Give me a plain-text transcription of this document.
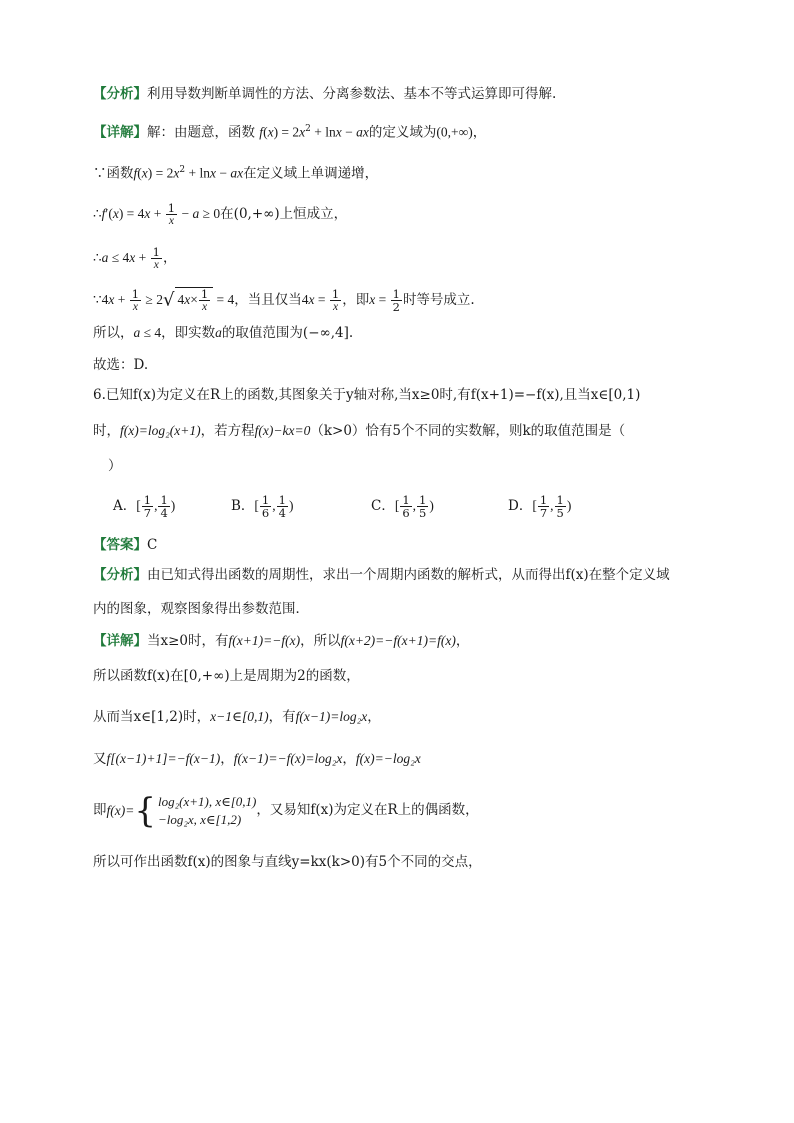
【分析】利用导数判断单调性的方法、分离参数法、基本不等式运算即可得解.
【详解】解：由题意，函数 $f(x) = 2x^2 + \ln x$ − ax的定义域为(0,+∞)，
∵函数$f(x) = 2x^2 + \ln x$ − ax在定义域上单调递增，
∴f′(x) = $4x + \frac{1}{x} - a \ge 0$在(0,+∞)上恒成立，
∴a ≤ $4x + \frac{1}{x}$ ，
∵4x + $\frac{1}{x} \ge 2√$ $4x\times \frac{1}{x} = 4$，当且仅当$4x = \frac{1}{x}$ ，即$x = \frac{1}{2}$ 时等号成立.
所以，a ≤ 4，即实数a的取值范围为(−∞,4].
故选：D.
6.已知f(x)为定义在R上的函数,其图象关于y轴对称,当x≥0时,有f(x+1)=−f(x),且当x∈[0,1)
时，f(x)=log₂(x+1)，若方程f(x)−kx=0（k>0）恰有5个不同的实数解，则k的取值范围是（
）
A．[ $\frac{1}{7}$ , $\frac{1}{4}$ )	B．[ $\frac{1}{6}$ , $\frac{1}{4}$ )	C．[ $\frac{1}{6}$ , $\frac{1}{5}$ )	D．[ $\frac{1}{7}$ , $\frac{1}{5}$ )
【答案】C
【分析】由已知式得出函数的周期性，求出一个周期内函数的解析式，从而得出f(x)在整个定义域
内的图象，观察图象得出参数范围．
【详解】当x≥0时，有f(x+1)=−f(x)，所以f(x+2)=−f(x+1)=f(x)，
所以函数f(x)在[0,+∞)上是周期为2的函数，
从而当x∈[1,2)时，x−1∈[0,1)，有f(x−1)=log₂x，
又f[(x−1)+1]=−f(x−1)，f(x−1)=−f(x)=log₂x，f(x)=−log₂x
即 f(x)= { log₂(x+1), x∈[0,1)
−log₂x, x∈[1,2)
，又易知f(x)为定义在R上的偶函数，
所以可作出函数f(x)的图象与直线y=kx(k>0)有5个不同的交点，
